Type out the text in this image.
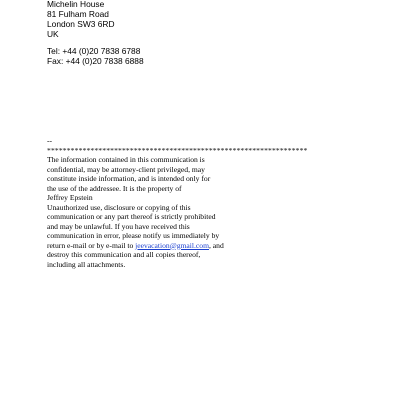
Michelin House
81 Fulham Road
London SW3 6RD
UK
Tel: +44 (0)20 7838 6788
Fax: +44 (0)20 7838 6888
--
******************************************************************
The information contained in this communication is
confidential, may be attorney-client privileged, may
constitute inside information, and is intended only for
the use of the addressee. It is the property of
Jeffrey Epstein
Unauthorized use, disclosure or copying of this
communication or any part thereof is strictly prohibited
and may be unlawful. If you have received this
communication in error, please notify us immediately by
return e-mail or by e-mail to jeevacation@gmail.com, and
destroy this communication and all copies thereof,
including all attachments.
